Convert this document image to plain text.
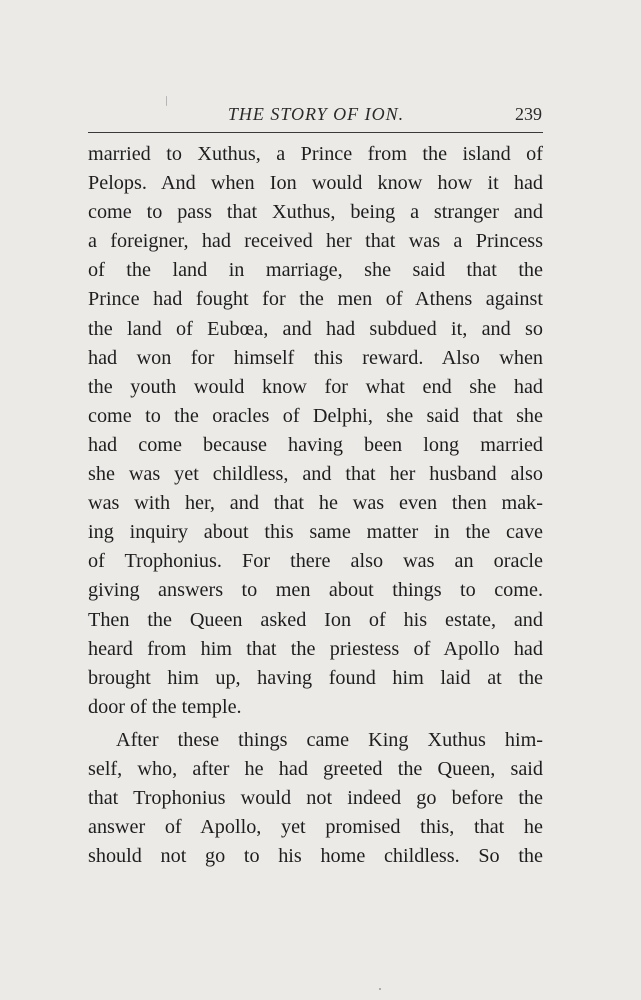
THE STORY OF ION.	239
married to Xuthus, a Prince from the island of
Pelops. And when Ion would know how it had
come to pass that Xuthus, being a stranger and
a foreigner, had received her that was a Princess
of the land in marriage, she said that the
Prince had fought for the men of Athens against
the land of Eubœa, and had subdued it, and so
had won for himself this reward. Also when
the youth would know for what end she had
come to the oracles of Delphi, she said that she
had come because having been long married
she was yet childless, and that her husband also
was with her, and that he was even then mak-
ing inquiry about this same matter in the cave
of Trophonius. For there also was an oracle
giving answers to men about things to come.
Then the Queen asked Ion of his estate, and
heard from him that the priestess of Apollo had
brought him up, having found him laid at the
door of the temple.
After these things came King Xuthus him-
self, who, after he had greeted the Queen, said
that Trophonius would not indeed go before the
answer of Apollo, yet promised this, that he
should not go to his home childless. So the
